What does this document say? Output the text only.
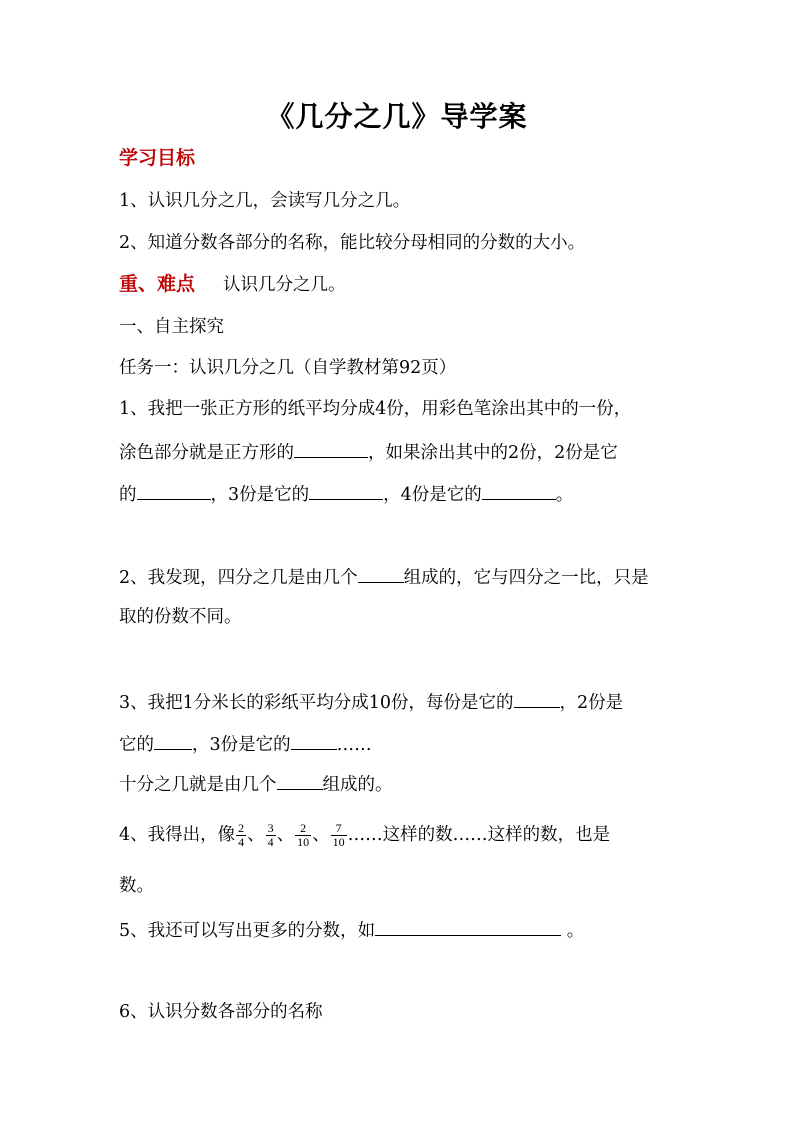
《几分之几》导学案
学习目标
1、认识几分之几，会读写几分之几。
2、知道分数各部分的名称，能比较分母相同的分数的大小。
重、难点 认识几分之几。
一、自主探究
任务一：认识几分之几（自学教材第92页）
1、我把一张正方形的纸平均分成4份，用彩色笔涂出其中的一份，
涂色部分就是正方形的	，如果涂出其中的2份，2份是它
的	，3份是它的	，4份是它的	。
2、我发现，四分之几是由几个	组成的，它与四分之一比，只是
取的份数不同。
3、我把1分米长的彩纸平均分成10份，每份是它的	，2份是
它的 ，3份是它的	……
十分之几就是由几个	组成的。
4、我得出，像 $\frac{2}{4}$ 、 $\frac{3}{4}$ 、 $\frac{2}{10}$ 、 $\frac{7}{10}$ ……这样的数……这样的数，也是
数。
5、我还可以写出更多的分数，如	。
6、认识分数各部分的名称
